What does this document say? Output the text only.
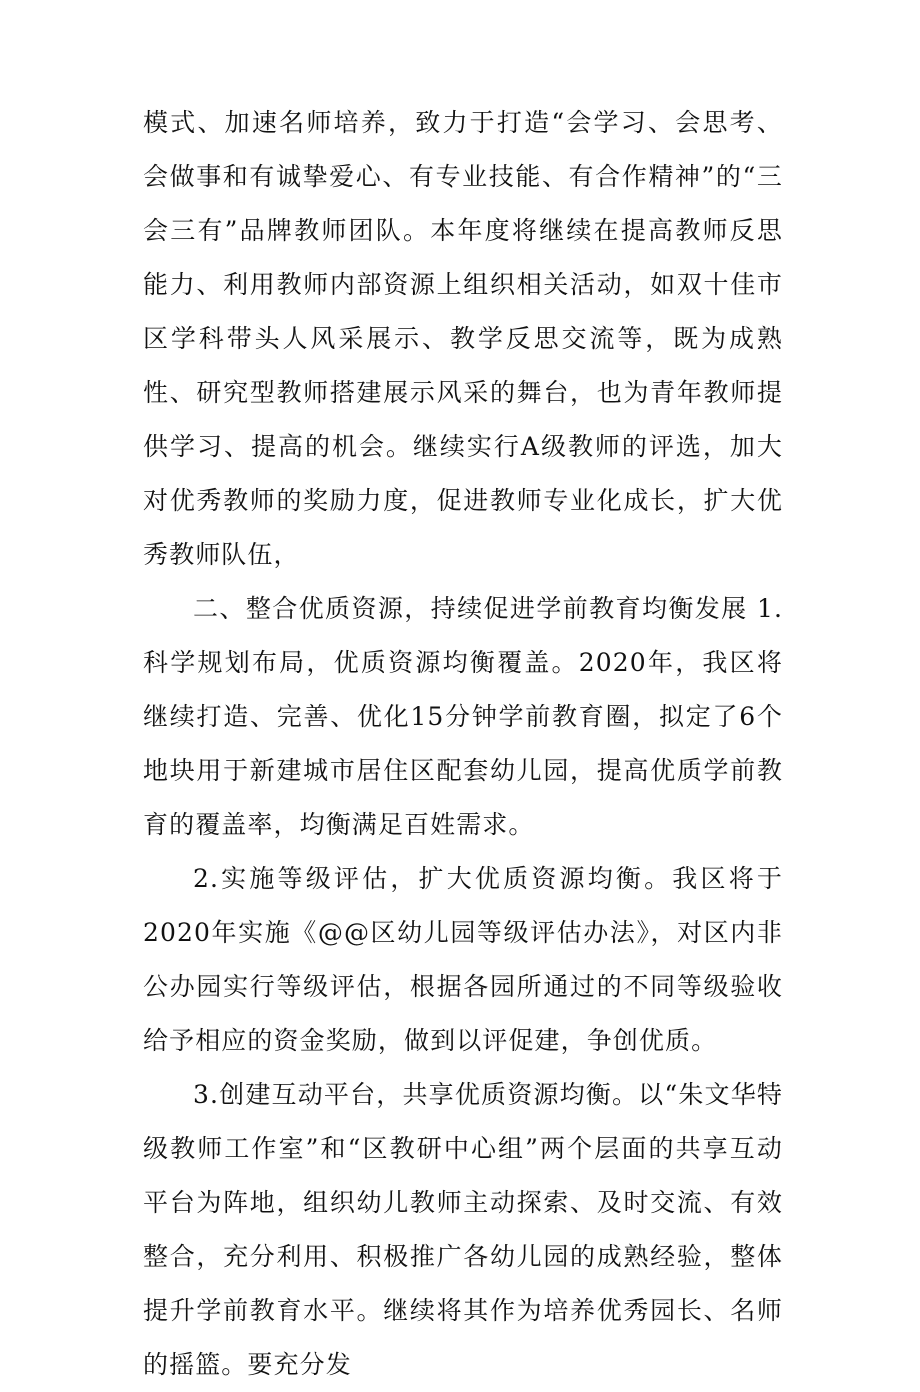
模式、加速名师培养，致力于打造“会学习、会思考、会做事和有诚挚爱心、有专业技能、有合作精神”的“三会三有”品牌教师团队。本年度将继续在提高教师反思能力、利用教师内部资源上组织相关活动，如双十佳市区学科带头人风采展示、教学反思交流等，既为成熟性、研究型教师搭建展示风采的舞台，也为青年教师提供学习、提高的机会。继续实行A级教师的评选，加大对优秀教师的奖励力度，促进教师专业化成长，扩大优秀教师队伍，

二、整合优质资源，持续促进学前教育均衡发展 1.科学规划布局，优质资源均衡覆盖。2020年，我区将继续打造、完善、优化15分钟学前教育圈，拟定了6个地块用于新建城市居住区配套幼儿园，提高优质学前教育的覆盖率，均衡满足百姓需求。

2.实施等级评估，扩大优质资源均衡。我区将于2020年实施《@@区幼儿园等级评估办法》，对区内非公办园实行等级评估，根据各园所通过的不同等级验收给予相应的资金奖励，做到以评促建，争创优质。

3.创建互动平台，共享优质资源均衡。以“朱文华特级教师工作室”和“区教研中心组”两个层面的共享互动平台为阵地，组织幼儿教师主动探索、及时交流、有效整合，充分利用、积极推广各幼儿园的成熟经验，整体提升学前教育水平。继续将其作为培养优秀园长、名师的摇篮。要充分发
